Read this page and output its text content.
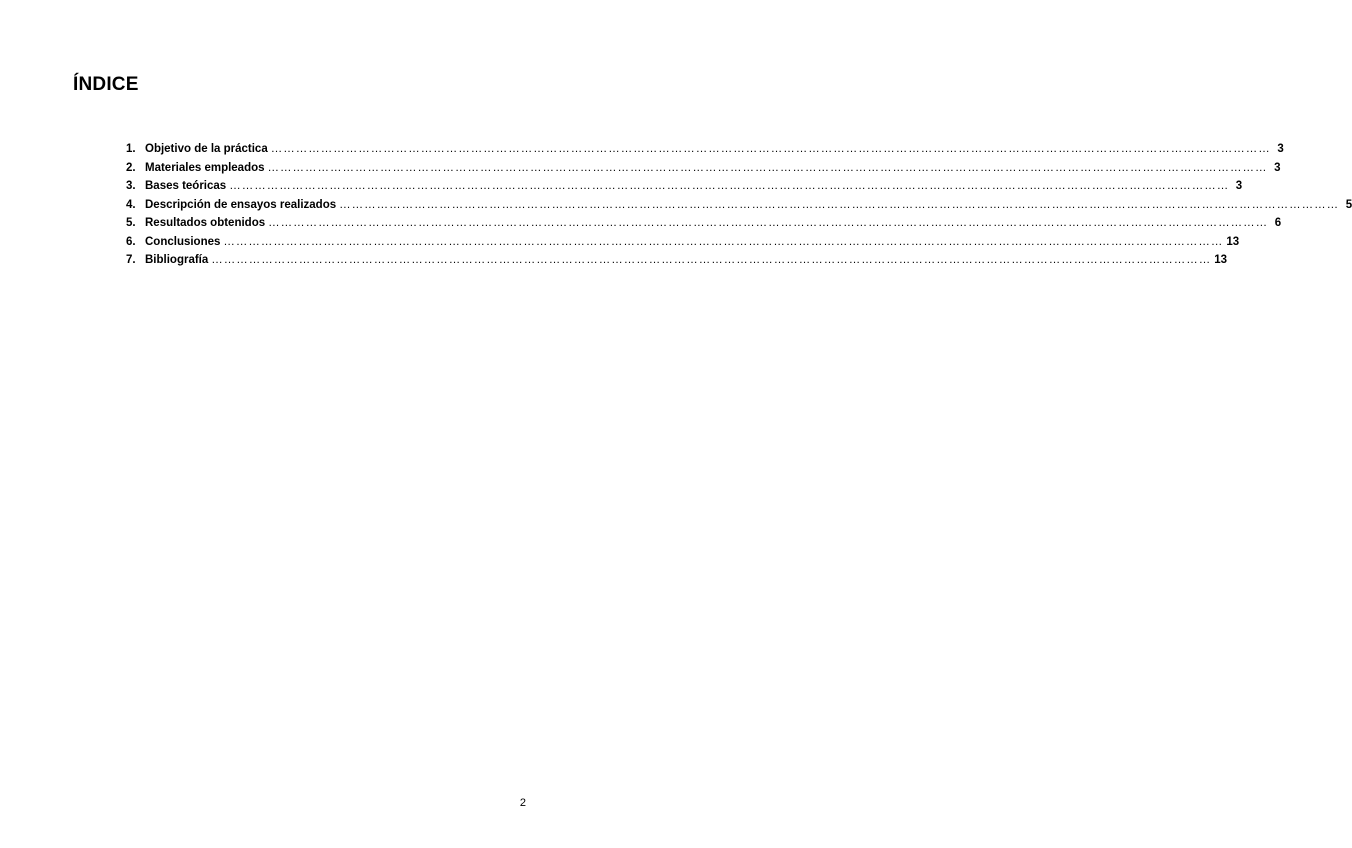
ÍNDICE
1. Objetivo de la práctica …………………………………………………………………………………………………………………………………………………………………………………………………………………… 3
2. Materiales empleados …………………………………………………………………………………………………………………………………………………………………………………………………………………… 3
3. Bases teóricas …………………………………………………………………………………………………………………………………………………………………………………………………………………… 3
4. Descripción de ensayos realizados …………………………………………………………………………………………………………………………………………………………………………………………………………………… 5
5. Resultados obtenidos …………………………………………………………………………………………………………………………………………………………………………………………………………………… 6
6. Conclusiones …………………………………………………………………………………………………………………………………………………………………………………………………………………… 13
7. Bibliografía …………………………………………………………………………………………………………………………………………………………………………………………………………………… 13
2
